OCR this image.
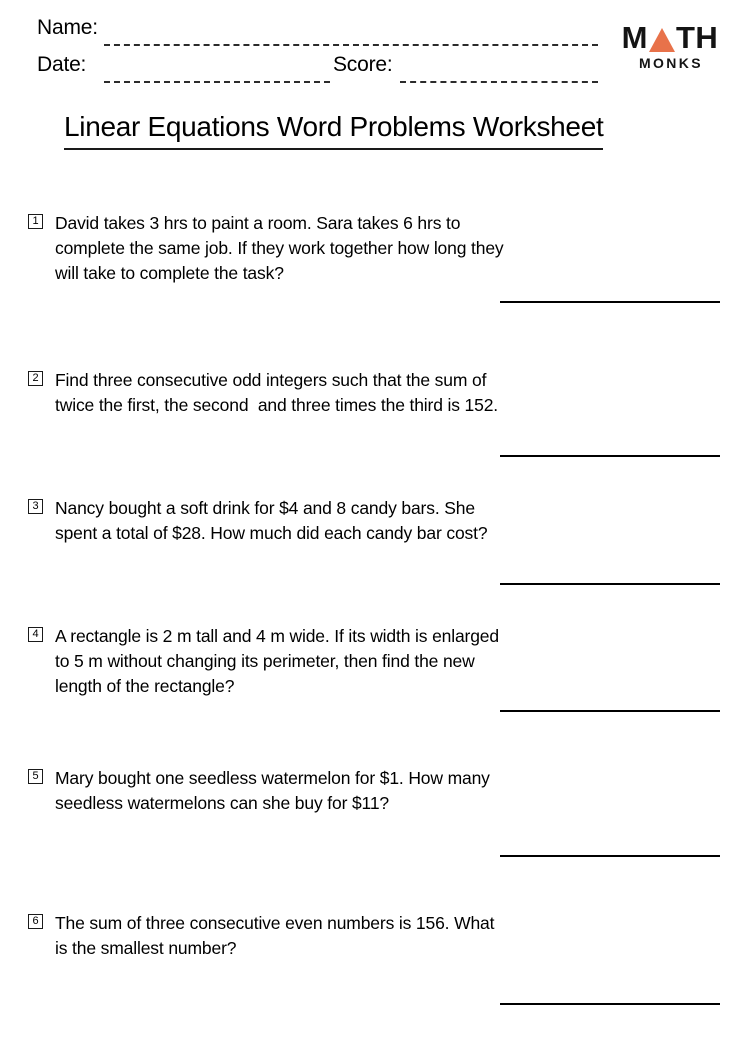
Name:
Date:	Score:
M TH
MONKS
Linear Equations Word Problems Worksheet
1 David takes 3 hrs to paint a room. Sara takes 6 hrs to complete the same job. If they work together how long they will take to complete the task?
2 Find three consecutive odd integers such that the sum of twice the first, the second  and three times the third is 152.
3 Nancy bought a soft drink for $4 and 8 candy bars. She spent a total of $28. How much did each candy bar cost?
4 A rectangle is 2 m tall and 4 m wide. If its width is enlarged to 5 m without changing its perimeter, then find the new length of the rectangle?
5 Mary bought one seedless watermelon for $1. How many seedless watermelons can she buy for $11?
6 The sum of three consecutive even numbers is 156. What is the smallest number?
